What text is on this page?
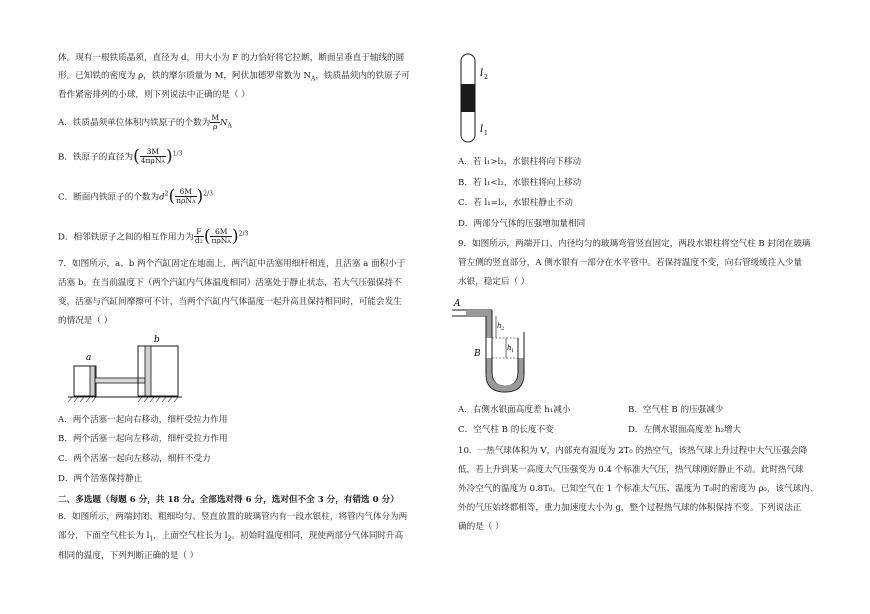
体。现有一根铁质晶须，直径为 d，用大小为 F 的力恰好将它拉断，断面呈垂直于轴线的圆
形。已知铁的密度为 ρ，铁的摩尔质量为 M，阿伏加德罗常数为 $N_A$，铁质晶须内的铁原子可
看作紧密排列的小球，则下列说法中正确的是（ ）
A．铁质晶须单位体积内铁原子的个数为 $\frac{M}{\rho} N_A$
B．铁原子的直径为( $\frac{3M}{\text{4πρNA}} )^{1/3}$
C．断面内铁原子的个数为$d^2( \frac{6M}{\text{πρNA}} )^{2/3}$
D．相邻铁原子之间的相互作用力为 $\frac{F}{d2}$ ( $\frac{6M}{\text{πρNA}} )^{2/3}$
7．如图所示，a、b 两个汽缸固定在地面上，两汽缸中活塞用细杆相连，且活塞 a 面积小于
活塞 b。在当前温度下（两个汽缸内气体温度相同）活塞处于静止状态，若大气压强保持不
变，活塞与汽缸间摩擦可不计，当两个汽缸内气体温度一起升高且保持相同时，可能会发生
的情况是（ ）
a
b
A．两个活塞一起向右移动，细杆受拉力作用
B．两个活塞一起向左移动，细杆受拉力作用
C．两个活塞一起向左移动，细杆不受力
D．两个活塞保持静止
二、多选题（每题 6 分，共 18 分。全部选对得 6 分，选对但不全 3 分，有错选 0 分）
8．如图所示，两端封闭、粗细均匀、竖直放置的玻璃管内有一段水银柱，将管内气体分为两
部分，下面空气柱长为 $l_1$，上面空气柱长为 $l_2$。初始时温度相同，现使两部分气体同时升高
相同的温度，下列判断正确的是（ ）
l 2
l 1
A．若 l₁>l₂，水银柱将向下移动
B．若 l₁<l₂，水银柱将向上移动
C．若 l₁=l₂，水银柱静止不动
D．两部分气体的压强增加量相同
9．如图所示，两端开口、内径均匀的玻璃弯管竖直固定，两段水银柱将空气柱 B 封闭在玻璃
管左侧的竖直部分，A 侧水银有一部分在水平管中。若保持温度不变，向右管缓缓注入少量
水银，稳定后（ ）
A
B
h 2
h 1
A．右侧水银面高度差 h₁减小	B．空气柱 B 的压强减少
C．空气柱 B 的长度不变	D．左侧水银面高度差 h₂增大
10．一热气球体积为 V，内部充有温度为 2T₀ 的热空气，该热气球上升过程中大气压强会降
低，若上升到某一高度大气压强变为 0.4 个标准大气压，热气球刚好静止不动。此时热气球
外冷空气的温度为 0.8T₀。已知空气在 1 个标准大气压、温度为 T₀时的密度为 ρ₀，该气球内、
外的气压始终都相等，重力加速度大小为 g，整个过程热气球的体积保持不变。下列说法正
确的是（ ）
